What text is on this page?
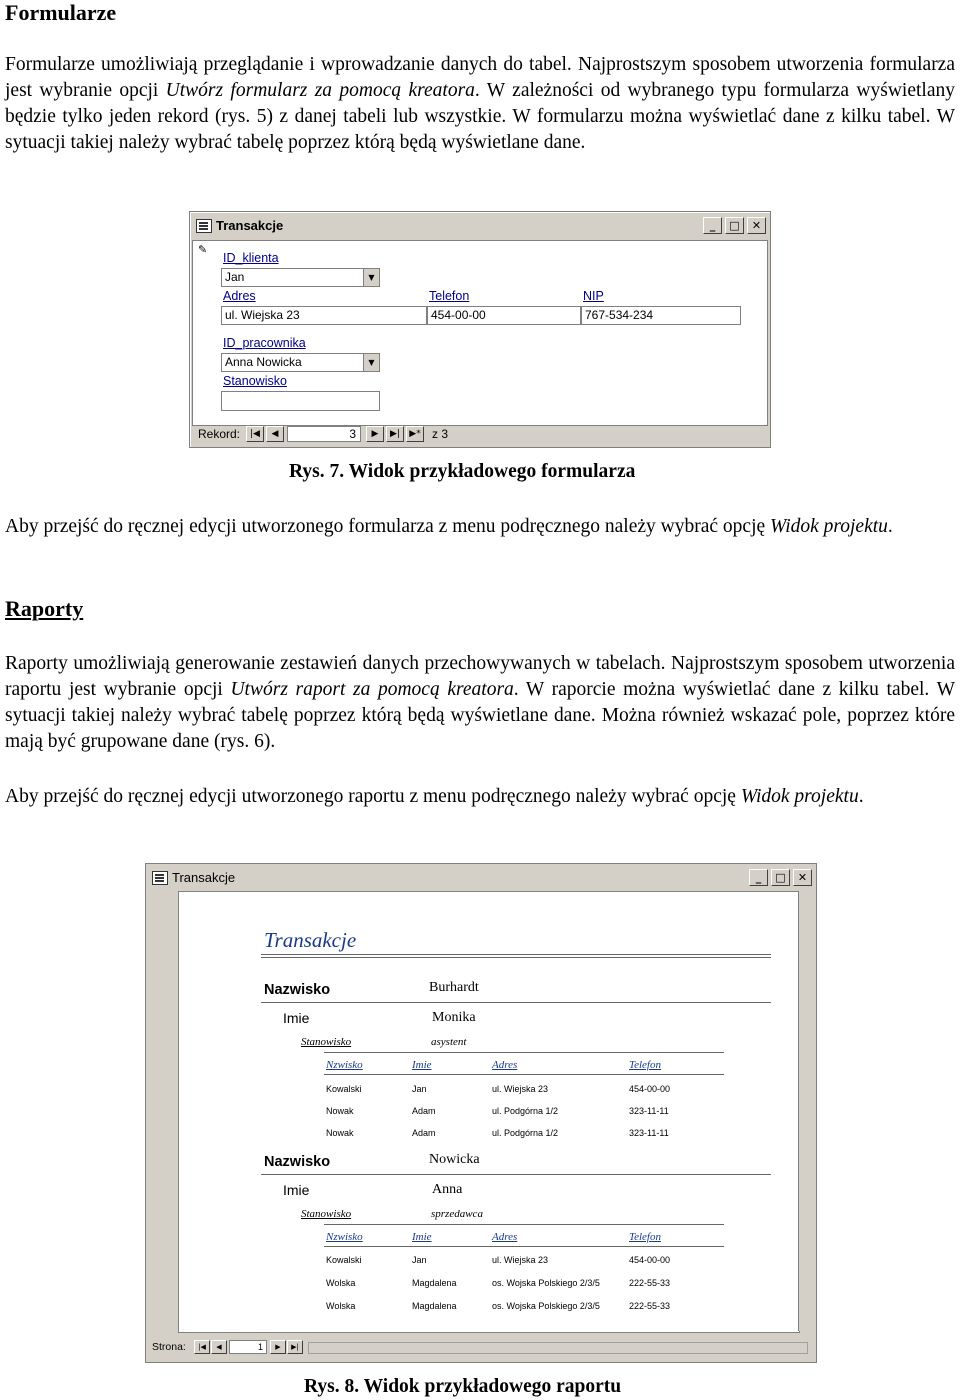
Formularze

Formularze umożliwiają przeglądanie i wprowadzanie danych do tabel. Najprostszym sposobem utworzenia formularza jest wybranie opcji Utwórz formularz za pomocą kreatora. W zależności od wybranego typu formularza wyświetlany będzie tylko jeden rekord (rys. 5) z danej tabeli lub wszystkie. W formularzu można wyświetlać dane z kilku tabel. W sytuacji takiej należy wybrać tabelę poprzez którą będą wyświetlane dane.

Transakcje	_	□	✕
✎
ID_klienta
Jan	▼
Adres
ul. Wiejska 23
Telefon
454-00-00
NIP
767-534-234
ID_pracownika
Anna Nowicka	▼
Stanowisko
Rekord:	|◀	◀	3	▶	▶|	▶* z 3
Rys. 7. Widok przykładowego formularza

Aby przejść do ręcznej edycji utworzonego formularza z menu podręcznego należy wybrać opcję Widok projektu.

Raporty

Raporty umożliwiają generowanie zestawień danych przechowywanych w tabelach. Najprostszym sposobem utworzenia raportu jest wybranie opcji Utwórz raport za pomocą kreatora. W raporcie można wyświetlać dane z kilku tabel. W sytuacji takiej należy wybrać tabelę poprzez którą będą wyświetlane dane. Można również wskazać pole, poprzez które mają być grupowane dane (rys. 6).

Aby przejść do ręcznej edycji utworzonego raportu z menu podręcznego należy wybrać opcję Widok projektu.

Transakcje	_	□	✕
Transakcje
Nazwisko	Burhardt
Imie	Monika
Stanowisko	asystent
Nzwisko	Imie	Adres	Telefon
Kowalski	Jan	ul. Wiejska 23	454-00-00
Nowak	Adam	ul. Podgórna 1/2	323-11-11
Nowak	Adam	ul. Podgórna 1/2	323-11-11
Nazwisko	Nowicka
Imie	Anna
Stanowisko	sprzedawca
Nzwisko	Imie	Adres	Telefon
Kowalski	Jan	ul. Wiejska 23	454-00-00
Wolska	Magdalena	os. Wojska Polskiego 2/3/5	222-55-33
Wolska	Magdalena	os. Wojska Polskiego 2/3/5	222-55-33
Strona:	|◀	◀	1	▶	▶|
Rys. 8. Widok przykładowego raportu
